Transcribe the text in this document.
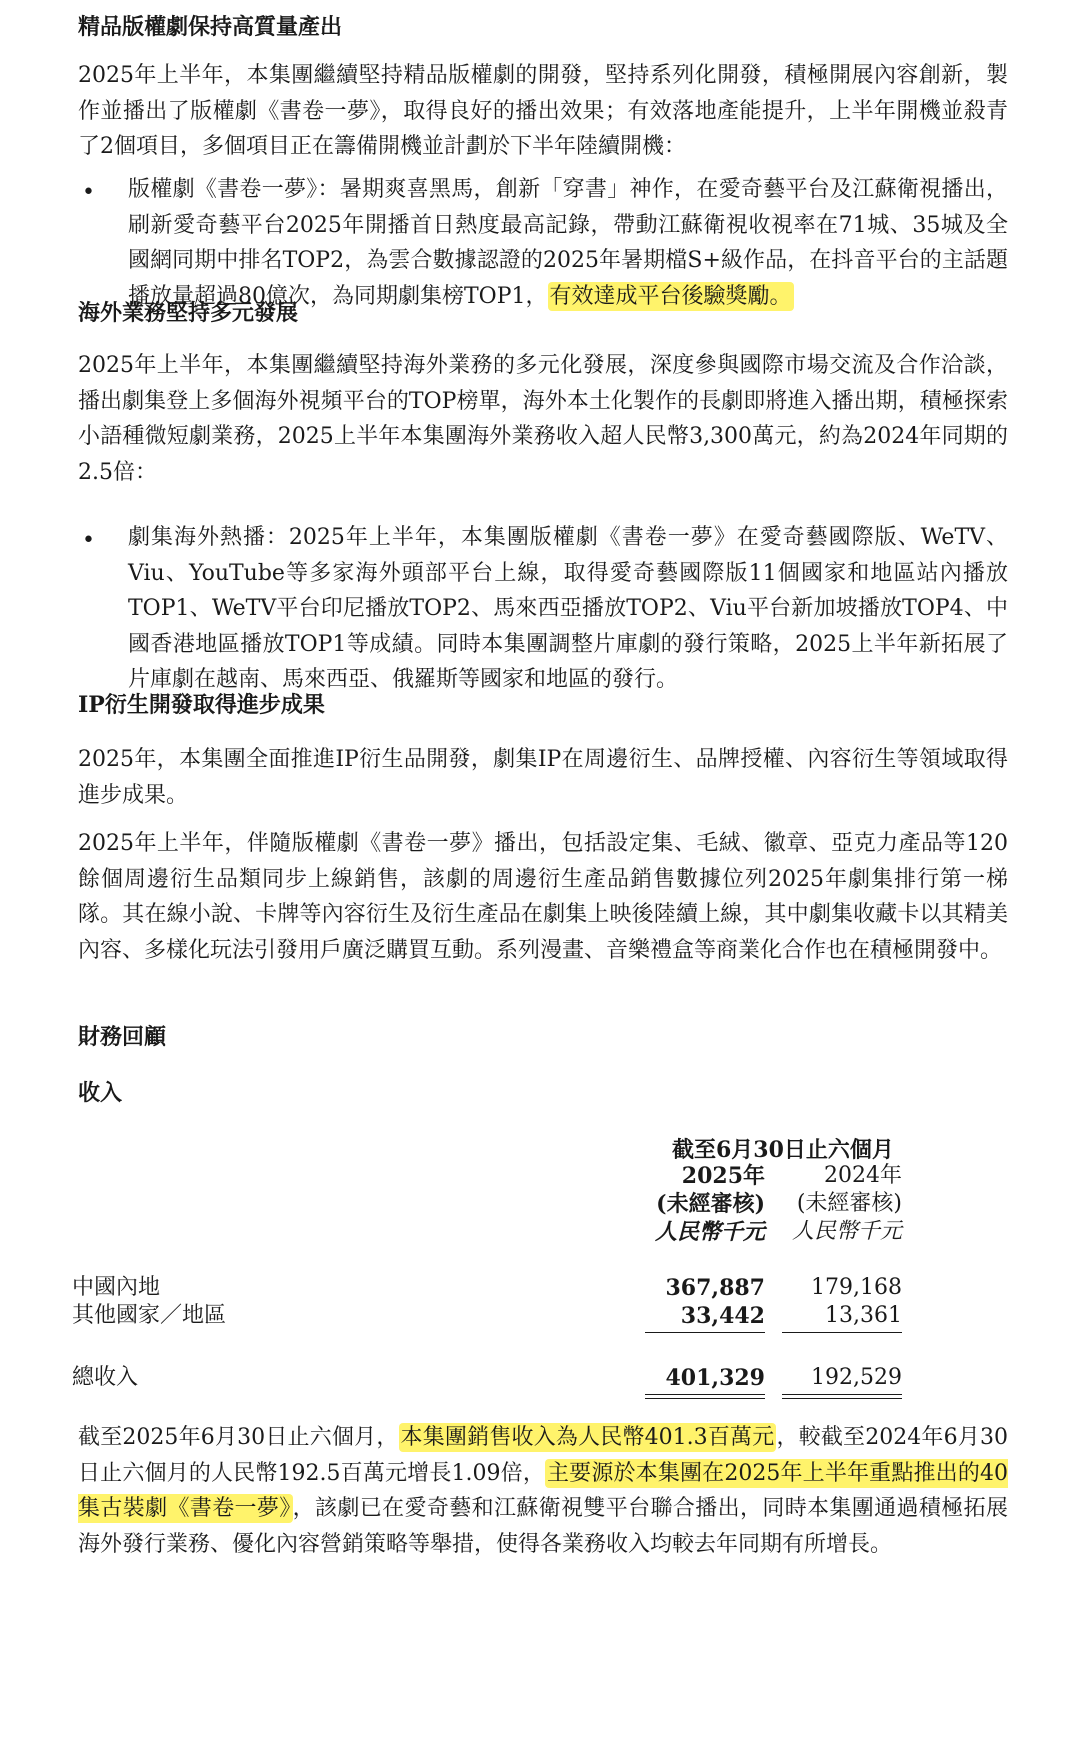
精品版權劇保持高質量產出
2025年上半年，本集團繼續堅持精品版權劇的開發，堅持系列化開發，積極開展內容創新，製作並播出了版權劇《書卷一夢》，取得良好的播出效果；有效落地產能提升，上半年開機並殺青了2個項目，多個項目正在籌備開機並計劃於下半年陸續開機：
• 版權劇《書卷一夢》：暑期爽喜黑馬，創新「穿書」神作，在愛奇藝平台及江蘇衛視播出，刷新愛奇藝平台2025年開播首日熱度最高記錄，帶動江蘇衛視收視率在71城、35城及全國網同期中排名TOP2，為雲合數據認證的2025年暑期檔S+級作品，在抖音平台的主話題播放量超過80億次，為同期劇集榜TOP1，有效達成平台後驗獎勵。
海外業務堅持多元發展
2025年上半年，本集團繼續堅持海外業務的多元化發展，深度參與國際市場交流及合作洽談，播出劇集登上多個海外視頻平台的TOP榜單，海外本土化製作的長劇即將進入播出期，積極探索小語種微短劇業務，2025上半年本集團海外業務收入超人民幣3,300萬元，約為2024年同期的2.5倍：
• 劇集海外熱播：2025年上半年，本集團版權劇《書卷一夢》在愛奇藝國際版、WeTV、Viu、YouTube等多家海外頭部平台上線，取得愛奇藝國際版11個國家和地區站內播放TOP1、WeTV平台印尼播放TOP2、馬來西亞播放TOP2、Viu平台新加坡播放TOP4、中國香港地區播放TOP1等成績。同時本集團調整片庫劇的發行策略，2025上半年新拓展了片庫劇在越南、馬來西亞、俄羅斯等國家和地區的發行。
IP衍生開發取得進步成果
2025年，本集團全面推進IP衍生品開發，劇集IP在周邊衍生、品牌授權、內容衍生等領域取得進步成果。
2025年上半年，伴隨版權劇《書卷一夢》播出，包括設定集、毛絨、徽章、亞克力產品等120餘個周邊衍生品類同步上線銷售，該劇的周邊衍生產品銷售數據位列2025年劇集排行第一梯隊。其在線小說、卡牌等內容衍生及衍生產品在劇集上映後陸續上線，其中劇集收藏卡以其精美內容、多樣化玩法引發用戶廣泛購買互動。系列漫畫、音樂禮盒等商業化合作也在積極開發中。
財務回顧
收入
截至6月30日止六個月
2025年	2024年
(未經審核)	(未經審核)
人民幣千元	人民幣千元
中國內地	367,887	179,168
其他國家／地區	33,442	13,361
總收入	401,329	192,529
截至2025年6月30日止六個月，本集團銷售收入為人民幣401.3百萬元，較截至2024年6月30日止六個月的人民幣192.5百萬元增長1.09倍，主要源於本集團在2025年上半年重點推出的40集古裝劇《書卷一夢》，該劇已在愛奇藝和江蘇衛視雙平台聯合播出，同時本集團通過積極拓展海外發行業務、優化內容營銷策略等舉措，使得各業務收入均較去年同期有所增長。
